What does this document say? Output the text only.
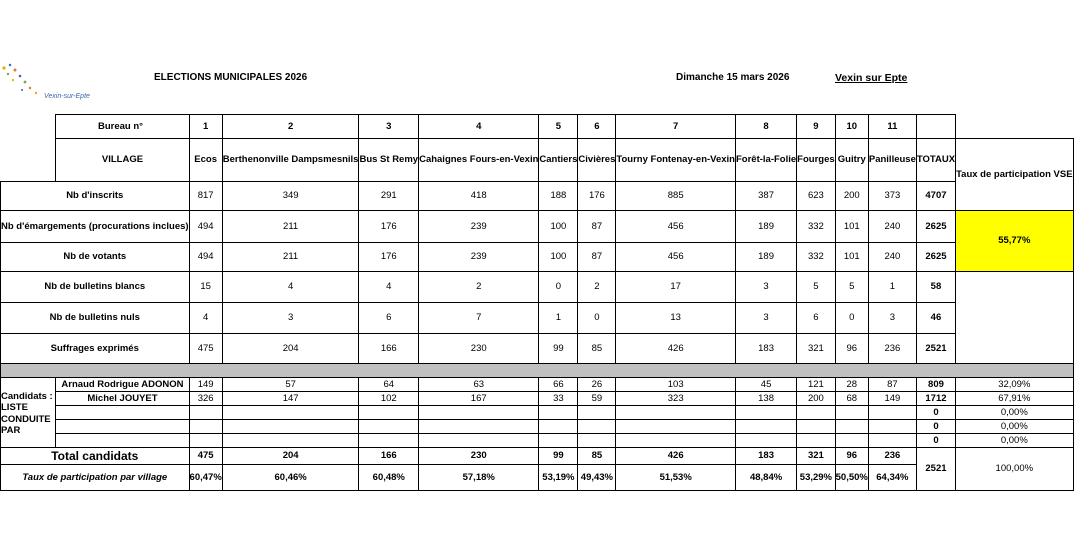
Vexin-sur-Epte
ELECTIONS MUNICIPALES 2026	Dimanche 15 mars 2026	Vexin sur Epte
	Bureau n°	1	2	3	4	5	6	7	8	9	10	11		
	VILLAGE	Ecos	Berthenonville Dampsmesnils	Bus St Remy	Cahaignes Fours-en-Vexin	Cantiers	Civières	Tourny Fontenay-en-Vexin	Forêt-la-Folie	Fourges	Guitry	Panilleuse	TOTAUX	Taux de participation VSE
Nb d'inscrits		817	349	291	418	188	176	885	387	623	200	373	4707	
Nb d'émargements (procurations inclues)		494	211	176	239	100	87	456	189	332	101	240	2625	55,77%
Nb de votants		494	211	176	239	100	87	456	189	332	101	240	2625	
Nb de bulletins blancs		15	4	4	2	0	2	17	3	5	5	1	58	
Nb de bulletins nuls		4	3	6	7	1	0	13	3	6	0	3	46	
Suffrages exprimés		475	204	166	230	99	85	426	183	321	96	236	2521	

Candidats : LISTE CONDUITE PAR	Arnaud Rodrigue ADONON	149	57	64	63	66	26	103	45	121	28	87	809	32,09%
	Michel JOUYET	326	147	102	167	33	59	323	138	200	68	149	1712	67,91%
													0	0,00%
													0	0,00%
													0	0,00%
Total candidats		475	204	166	230	99	85	426	183	321	96	236	2521	100,00%
Taux de participation par village		60,47%	60,46%	60,48%	57,18%	53,19%	49,43%	51,53%	48,84%	53,29%	50,50%	64,34%		
